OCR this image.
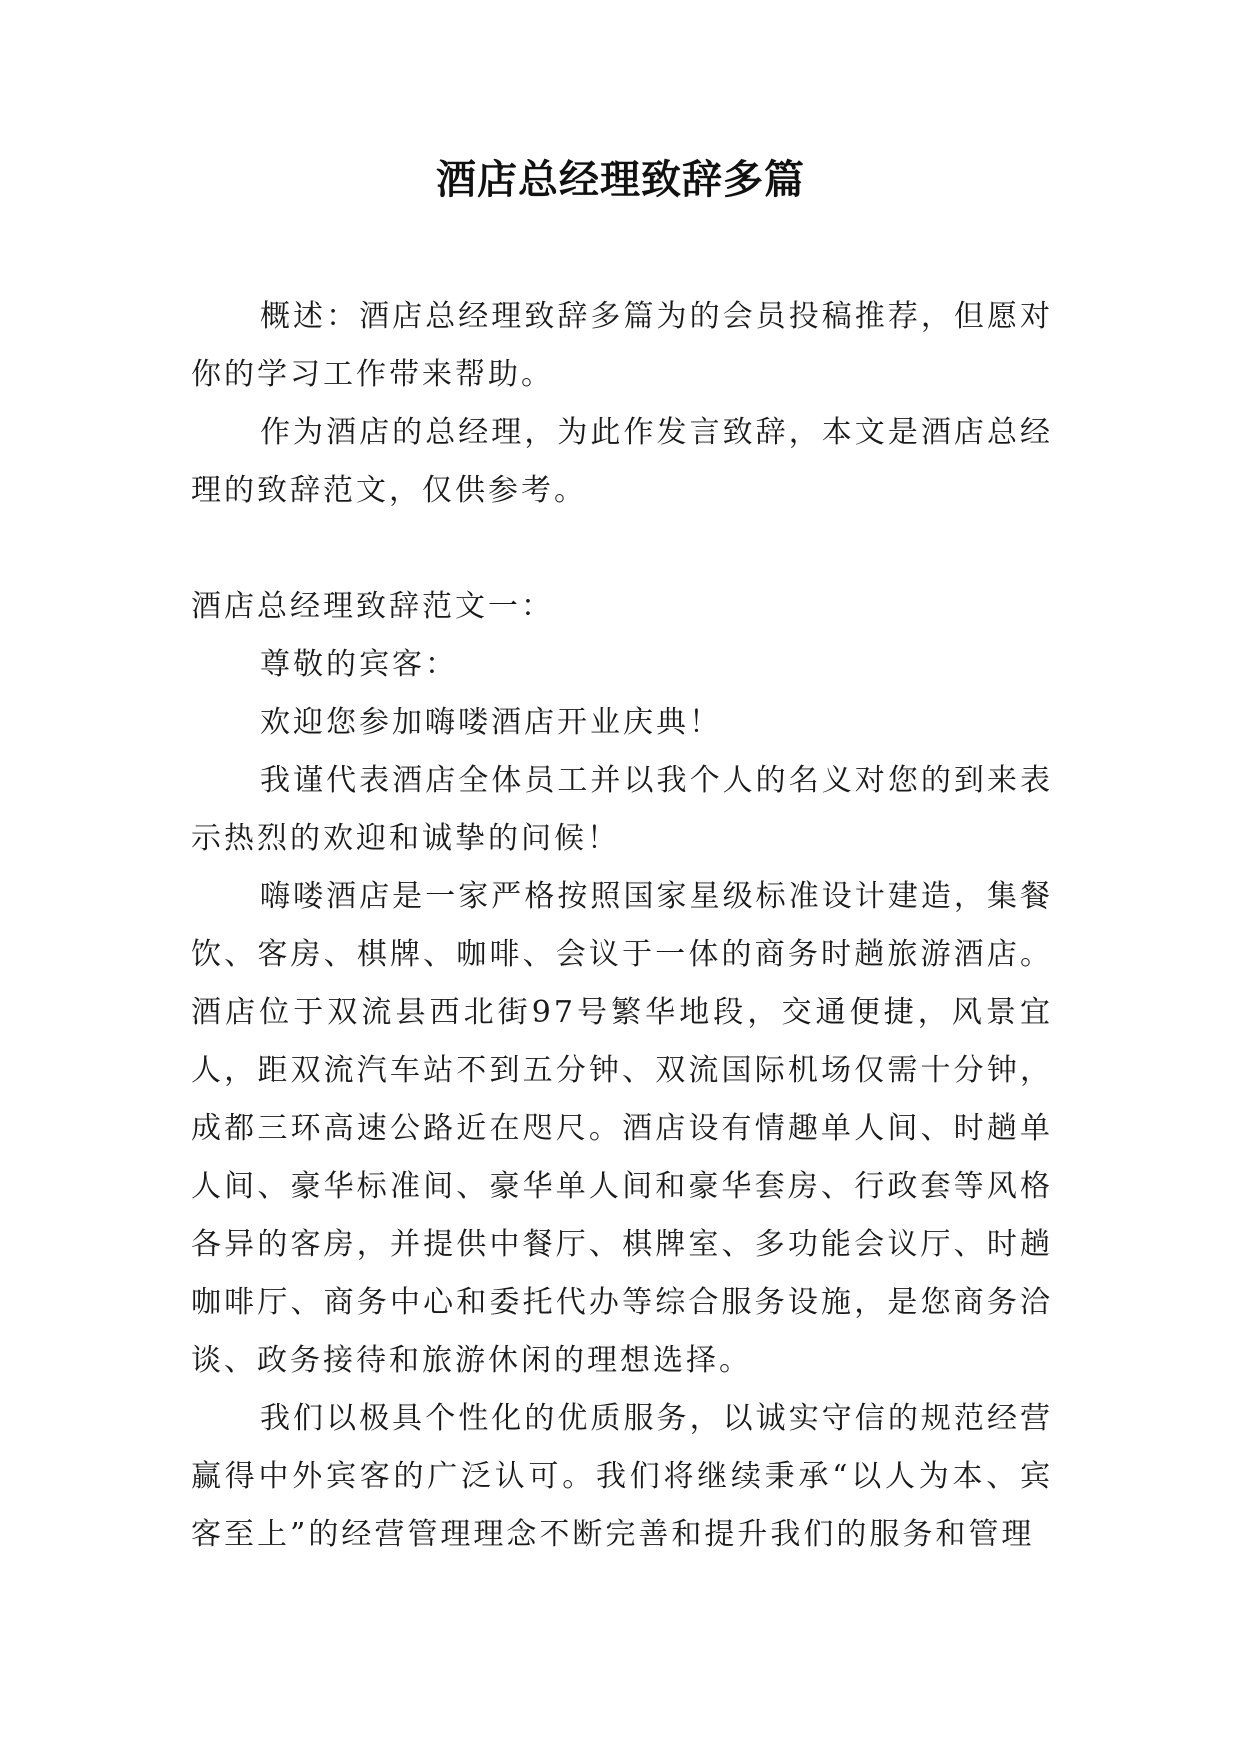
酒店总经理致辞多篇

概述：酒店总经理致辞多篇为的会员投稿推荐，但愿对你的学习工作带来帮助。

作为酒店的总经理，为此作发言致辞，本文是酒店总经理的致辞范文，仅供参考。

酒店总经理致辞范文一：

尊敬的宾客：

欢迎您参加嗨喽酒店开业庆典！

我谨代表酒店全体员工并以我个人的名义对您的到来表示热烈的欢迎和诚挚的问候！

嗨喽酒店是一家严格按照国家星级标准设计建造，集餐饮、客房、棋牌、咖啡、会议于一体的商务时趟旅游酒店。酒店位于双流县西北街97号繁华地段，交通便捷，风景宜人，距双流汽车站不到五分钟、双流国际机场仅需十分钟，成都三环高速公路近在咫尺。酒店设有情趣单人间、时趟单人间、豪华标准间、豪华单人间和豪华套房、行政套等风格各异的客房，并提供中餐厅、棋牌室、多功能会议厅、时趟咖啡厅、商务中心和委托代办等综合服务设施，是您商务洽谈、政务接待和旅游休闲的理想选择。

我们以极具个性化的优质服务，以诚实守信的规范经营赢得中外宾客的广泛认可。我们将继续秉承“以人为本、宾客至上”的经营管理理念不断完善和提升我们的服务和管理
